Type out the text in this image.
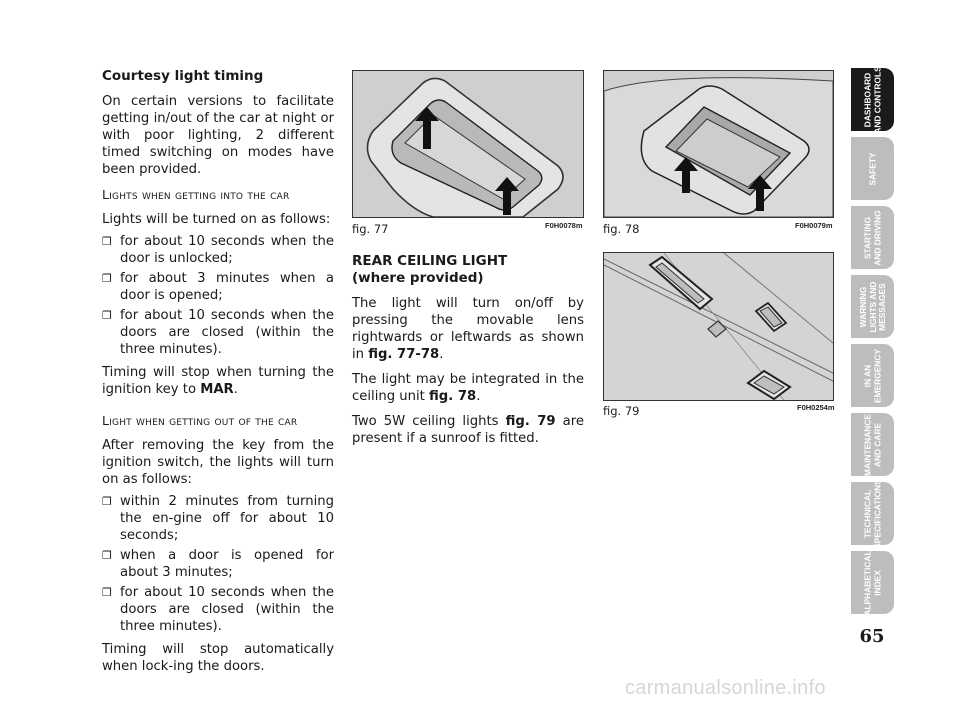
Courtesy light timing

On certain versions to facilitate getting in/out of the car at night or with poor lighting, 2 different timed switching on modes have been provided.

Lights when getting into the car

Lights will be turned on as follows:

❐ for about 10 seconds when the door is unlocked;
❐ for about 3 minutes when a door is opened;
❐ for about 10 seconds when the doors are closed (within the three minutes).

Timing will stop when turning the ignition key to MAR.

Light when getting out of the car

After removing the key from the ignition switch, the lights will turn on as follows:

❐ within 2 minutes from turning the en-gine off for about 10 seconds;
❐ when a door is opened for about 3 minutes;
❐ for about 10 seconds when the doors are closed (within the three minutes).

Timing will stop automatically when lock-ing the doors.

fig. 77	F0H0078m fig. 78	F0H0079m
fig. 79	F0H0254m

REAR CEILING LIGHT
(where provided)

The light will turn on/off by pressing the movable lens rightwards or leftwards as shown in fig. 77-78.

The light may be integrated in the ceiling unit fig. 78.

Two 5W ceiling lights fig. 79 are present if a sunroof is fitted.

DASHBOARD
AND CONTROLS
SAFETY
STARTING
AND DRIVING
WARNING
LIGHTS AND
MESSAGES
IN AN
EMERGENCY
MAINTENANCE
AND CARE
TECHNICAL
SPECIFICATIONS
ALPHABETICAL
INDEX
65
carmanualsonline.info
